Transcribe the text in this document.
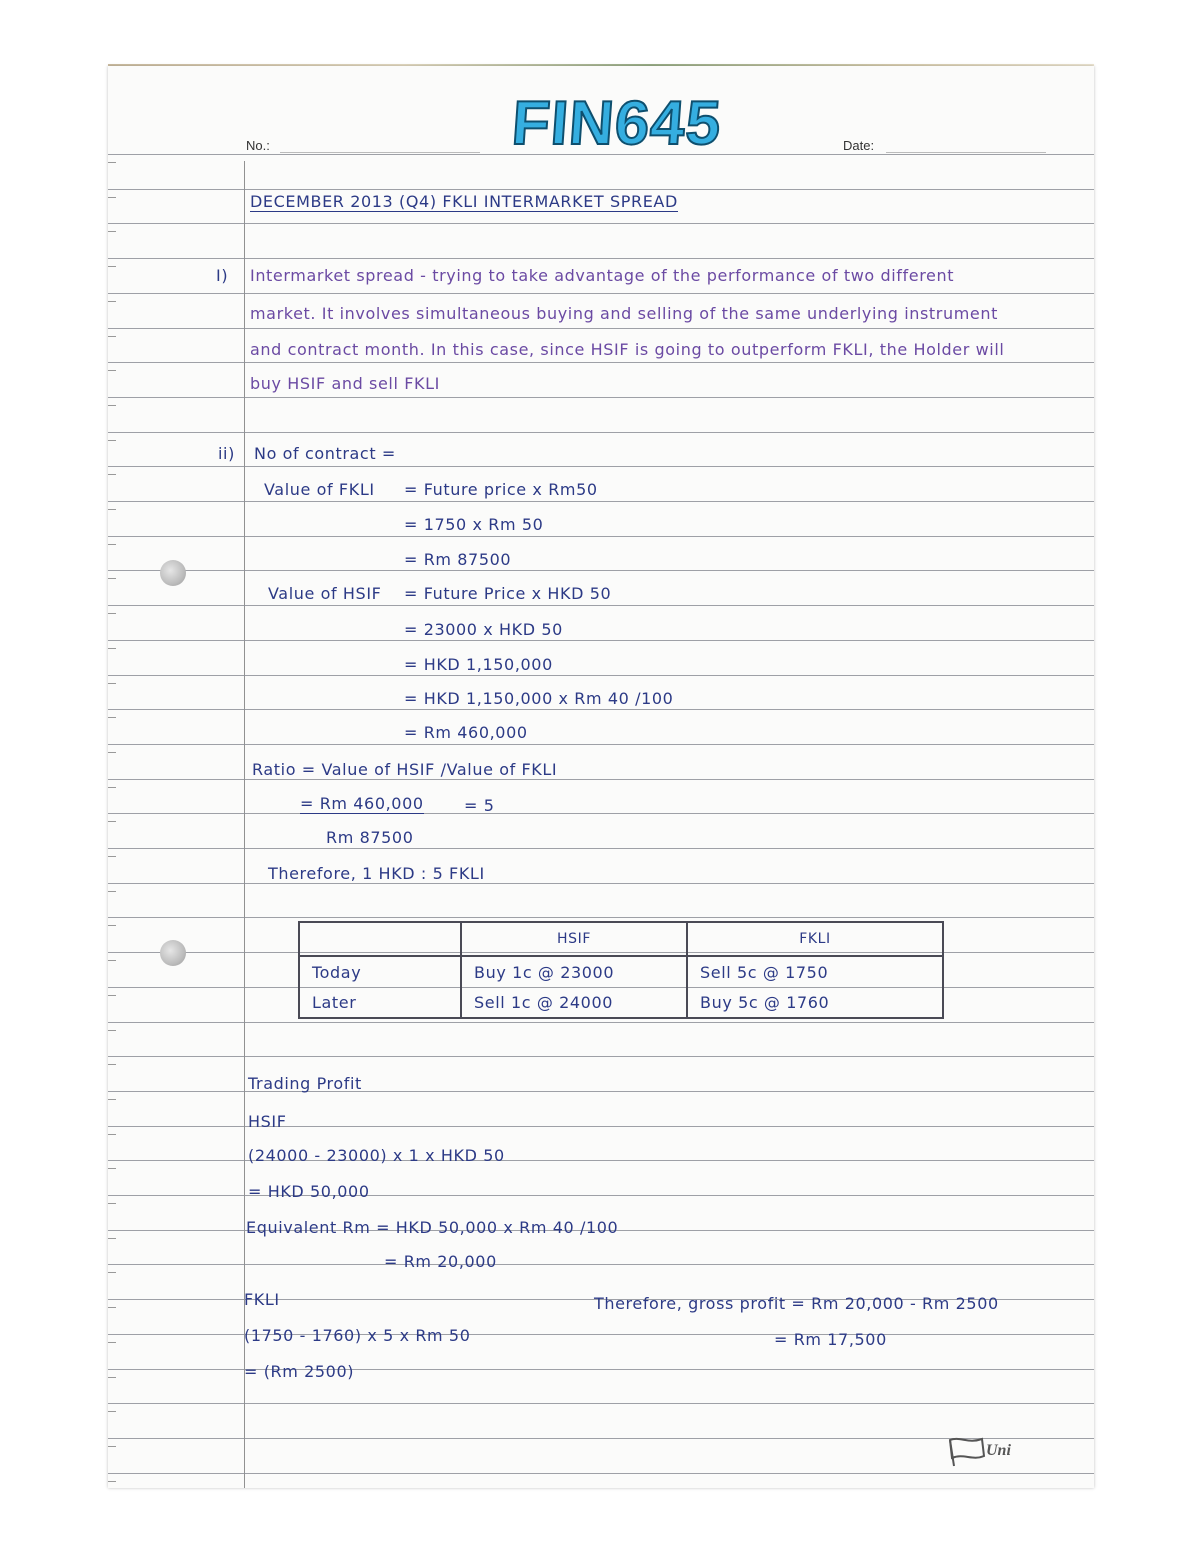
No.:	FIN645	Date:
DECEMBER 2013 (Q4) FKLI INTERMARKET SPREAD
I) Intermarket spread - trying to take advantage of the performance of two different
market. It involves simultaneous buying and selling of the same underlying instrument
and contract month. In this case, since HSIF is going to outperform FKLI, the Holder will
buy HSIF and sell FKLI
ii) No of contract =
Value of FKLI = Future price x Rm50
= 1750 x Rm 50
= Rm 87500
Value of HSIF = Future Price x HKD 50
= 23000 x HKD 50
= HKD 1,150,000
= HKD 1,150,000 x Rm 40 /100
= Rm 460,000
Ratio = Value of HSIF /Value of FKLI
= Rm 460,000	= 5
Rm 87500
Therefore, 1 HKD : 5 FKLI
	HSIF	FKLI
Today	Buy 1c @ 23000	Sell 5c @ 1750
Later	Sell 1c @ 24000	Buy 5c @ 1760
Trading Profit
HSIF
(24000 - 23000) x 1 x HKD 50
= HKD 50,000
Equivalent Rm = HKD 50,000 x Rm 40 /100
= Rm 20,000
FKLI
(1750 - 1760) x 5 x Rm 50
= (Rm 2500)
Therefore, gross profit = Rm 20,000 - Rm 2500
= Rm 17,500
Uni
